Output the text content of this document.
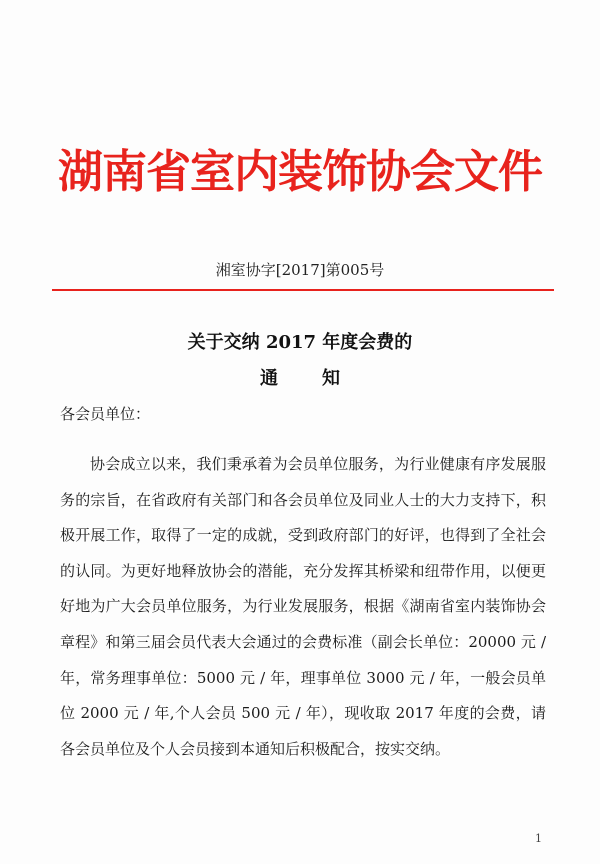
湖南省室内装饰协会文件
湘室协字[2017]第005号
关于交纳 2017 年度会费的
通知
各会员单位：

协会成立以来，我们秉承着为会员单位服务，为行业健康有序发展服务的宗旨，在省政府有关部门和各会员单位及同业人士的大力支持下，积极开展工作，取得了一定的成就，受到政府部门的好评，也得到了全社会的认同。为更好地释放协会的潜能，充分发挥其桥梁和纽带作用，以便更好地为广大会员单位服务，为行业发展服务，根据《湖南省室内装饰协会章程》和第三届会员代表大会通过的会费标准（副会长单位：20000 元 / 年，常务理事单位：5000 元 / 年，理事单位 3000 元 / 年，一般会员单位 2000 元 / 年,个人会员 500 元 / 年），现收取 2017 年度的会费，请各会员单位及个人会员接到本通知后积极配合，按实交纳。

1
